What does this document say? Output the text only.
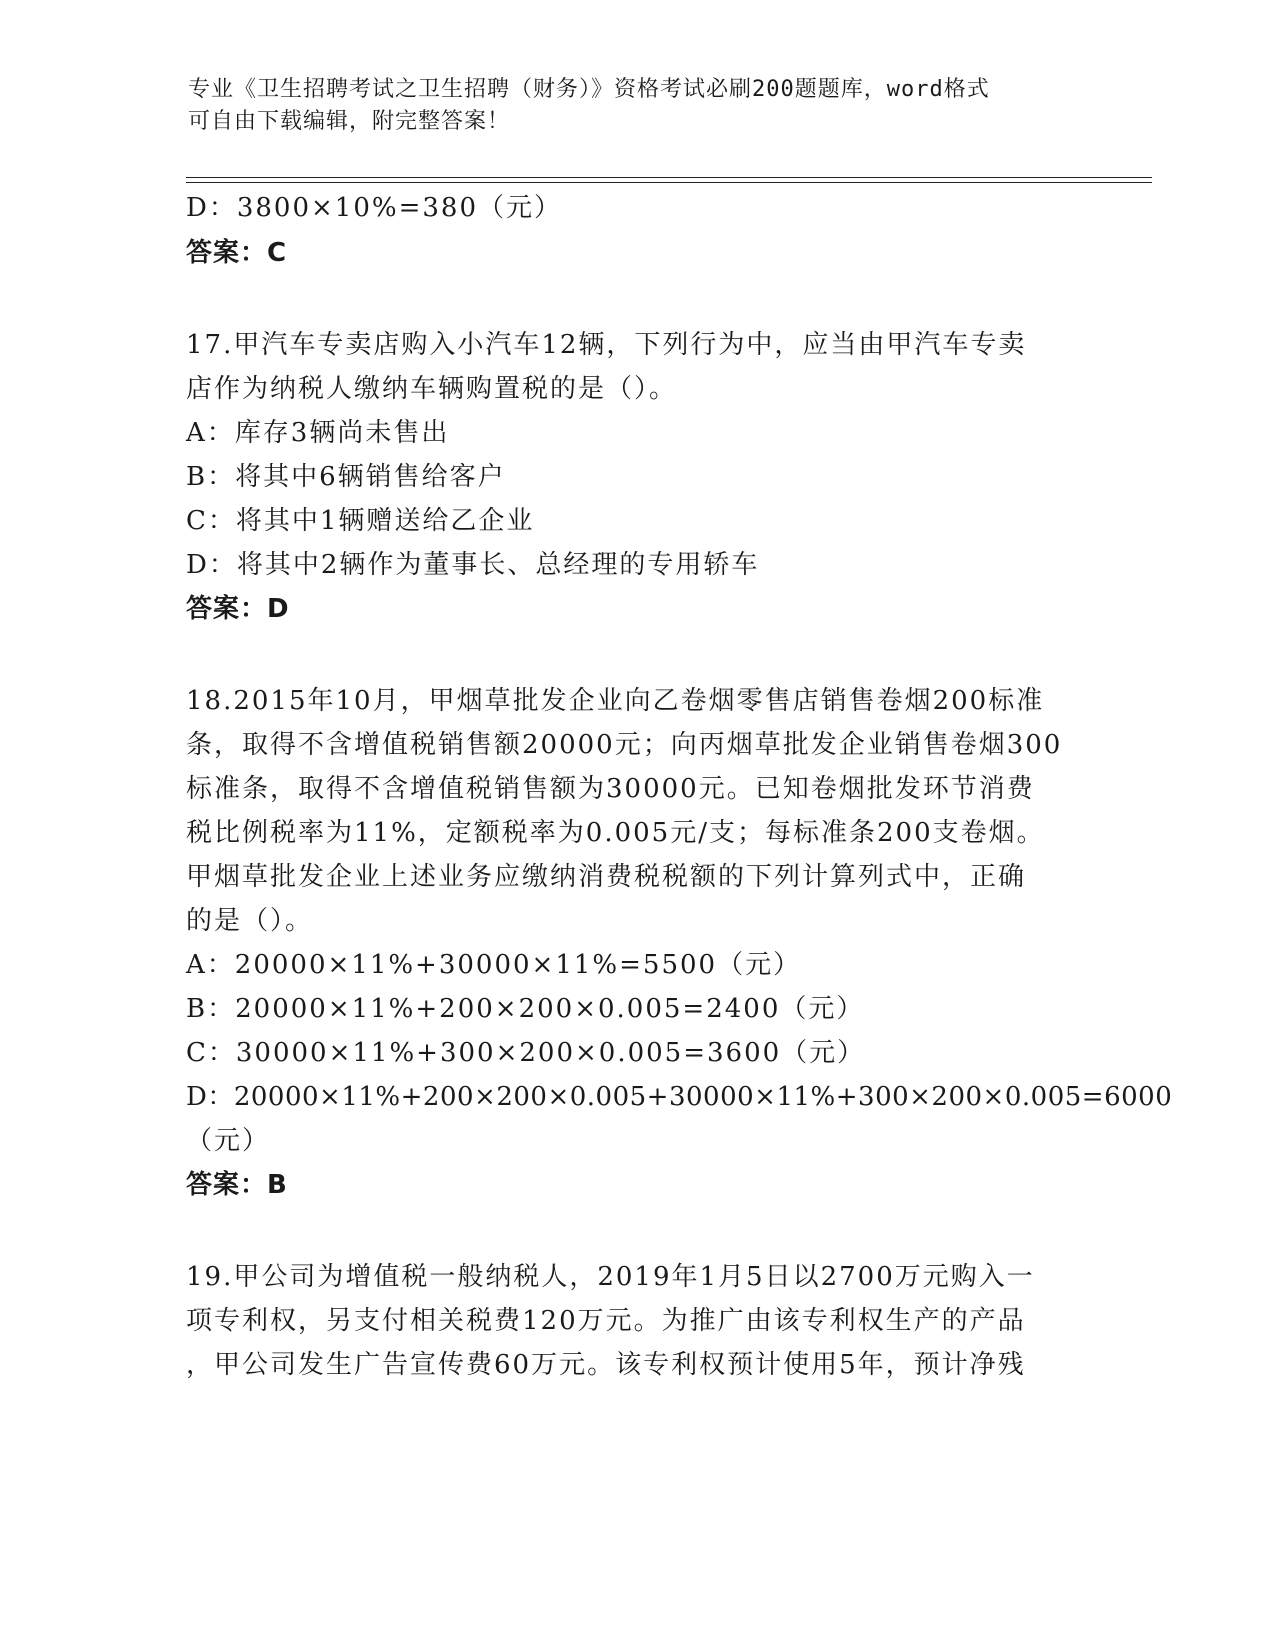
专业《卫生招聘考试之卫生招聘（财务）》资格考试必刷200题题库，word格式
可自由下载编辑，附完整答案！
D：3800×10%=380（元）
答案：C
17.甲汽车专卖店购入小汽车12辆，下列行为中，应当由甲汽车专卖
店作为纳税人缴纳车辆购置税的是（）。
A：库存3辆尚未售出
B：将其中6辆销售给客户
C：将其中1辆赠送给乙企业
D：将其中2辆作为董事长、总经理的专用轿车
答案：D
18.2015年10月，甲烟草批发企业向乙卷烟零售店销售卷烟200标准
条，取得不含增值税销售额20000元；向丙烟草批发企业销售卷烟300
标准条，取得不含增值税销售额为30000元。已知卷烟批发环节消费
税比例税率为11%，定额税率为0.005元/支；每标准条200支卷烟。
甲烟草批发企业上述业务应缴纳消费税税额的下列计算列式中，正确
的是（）。
A：20000×11%+30000×11%=5500（元）
B：20000×11%+200×200×0.005=2400（元）
C：30000×11%+300×200×0.005=3600（元）
D：20000×11%+200×200×0.005+30000×11%+300×200×0.005=6000
（元）
答案：B
19.甲公司为增值税一般纳税人，2019年1月5日以2700万元购入一
项专利权，另支付相关税费120万元。为推广由该专利权生产的产品
，甲公司发生广告宣传费60万元。该专利权预计使用5年，预计净残
